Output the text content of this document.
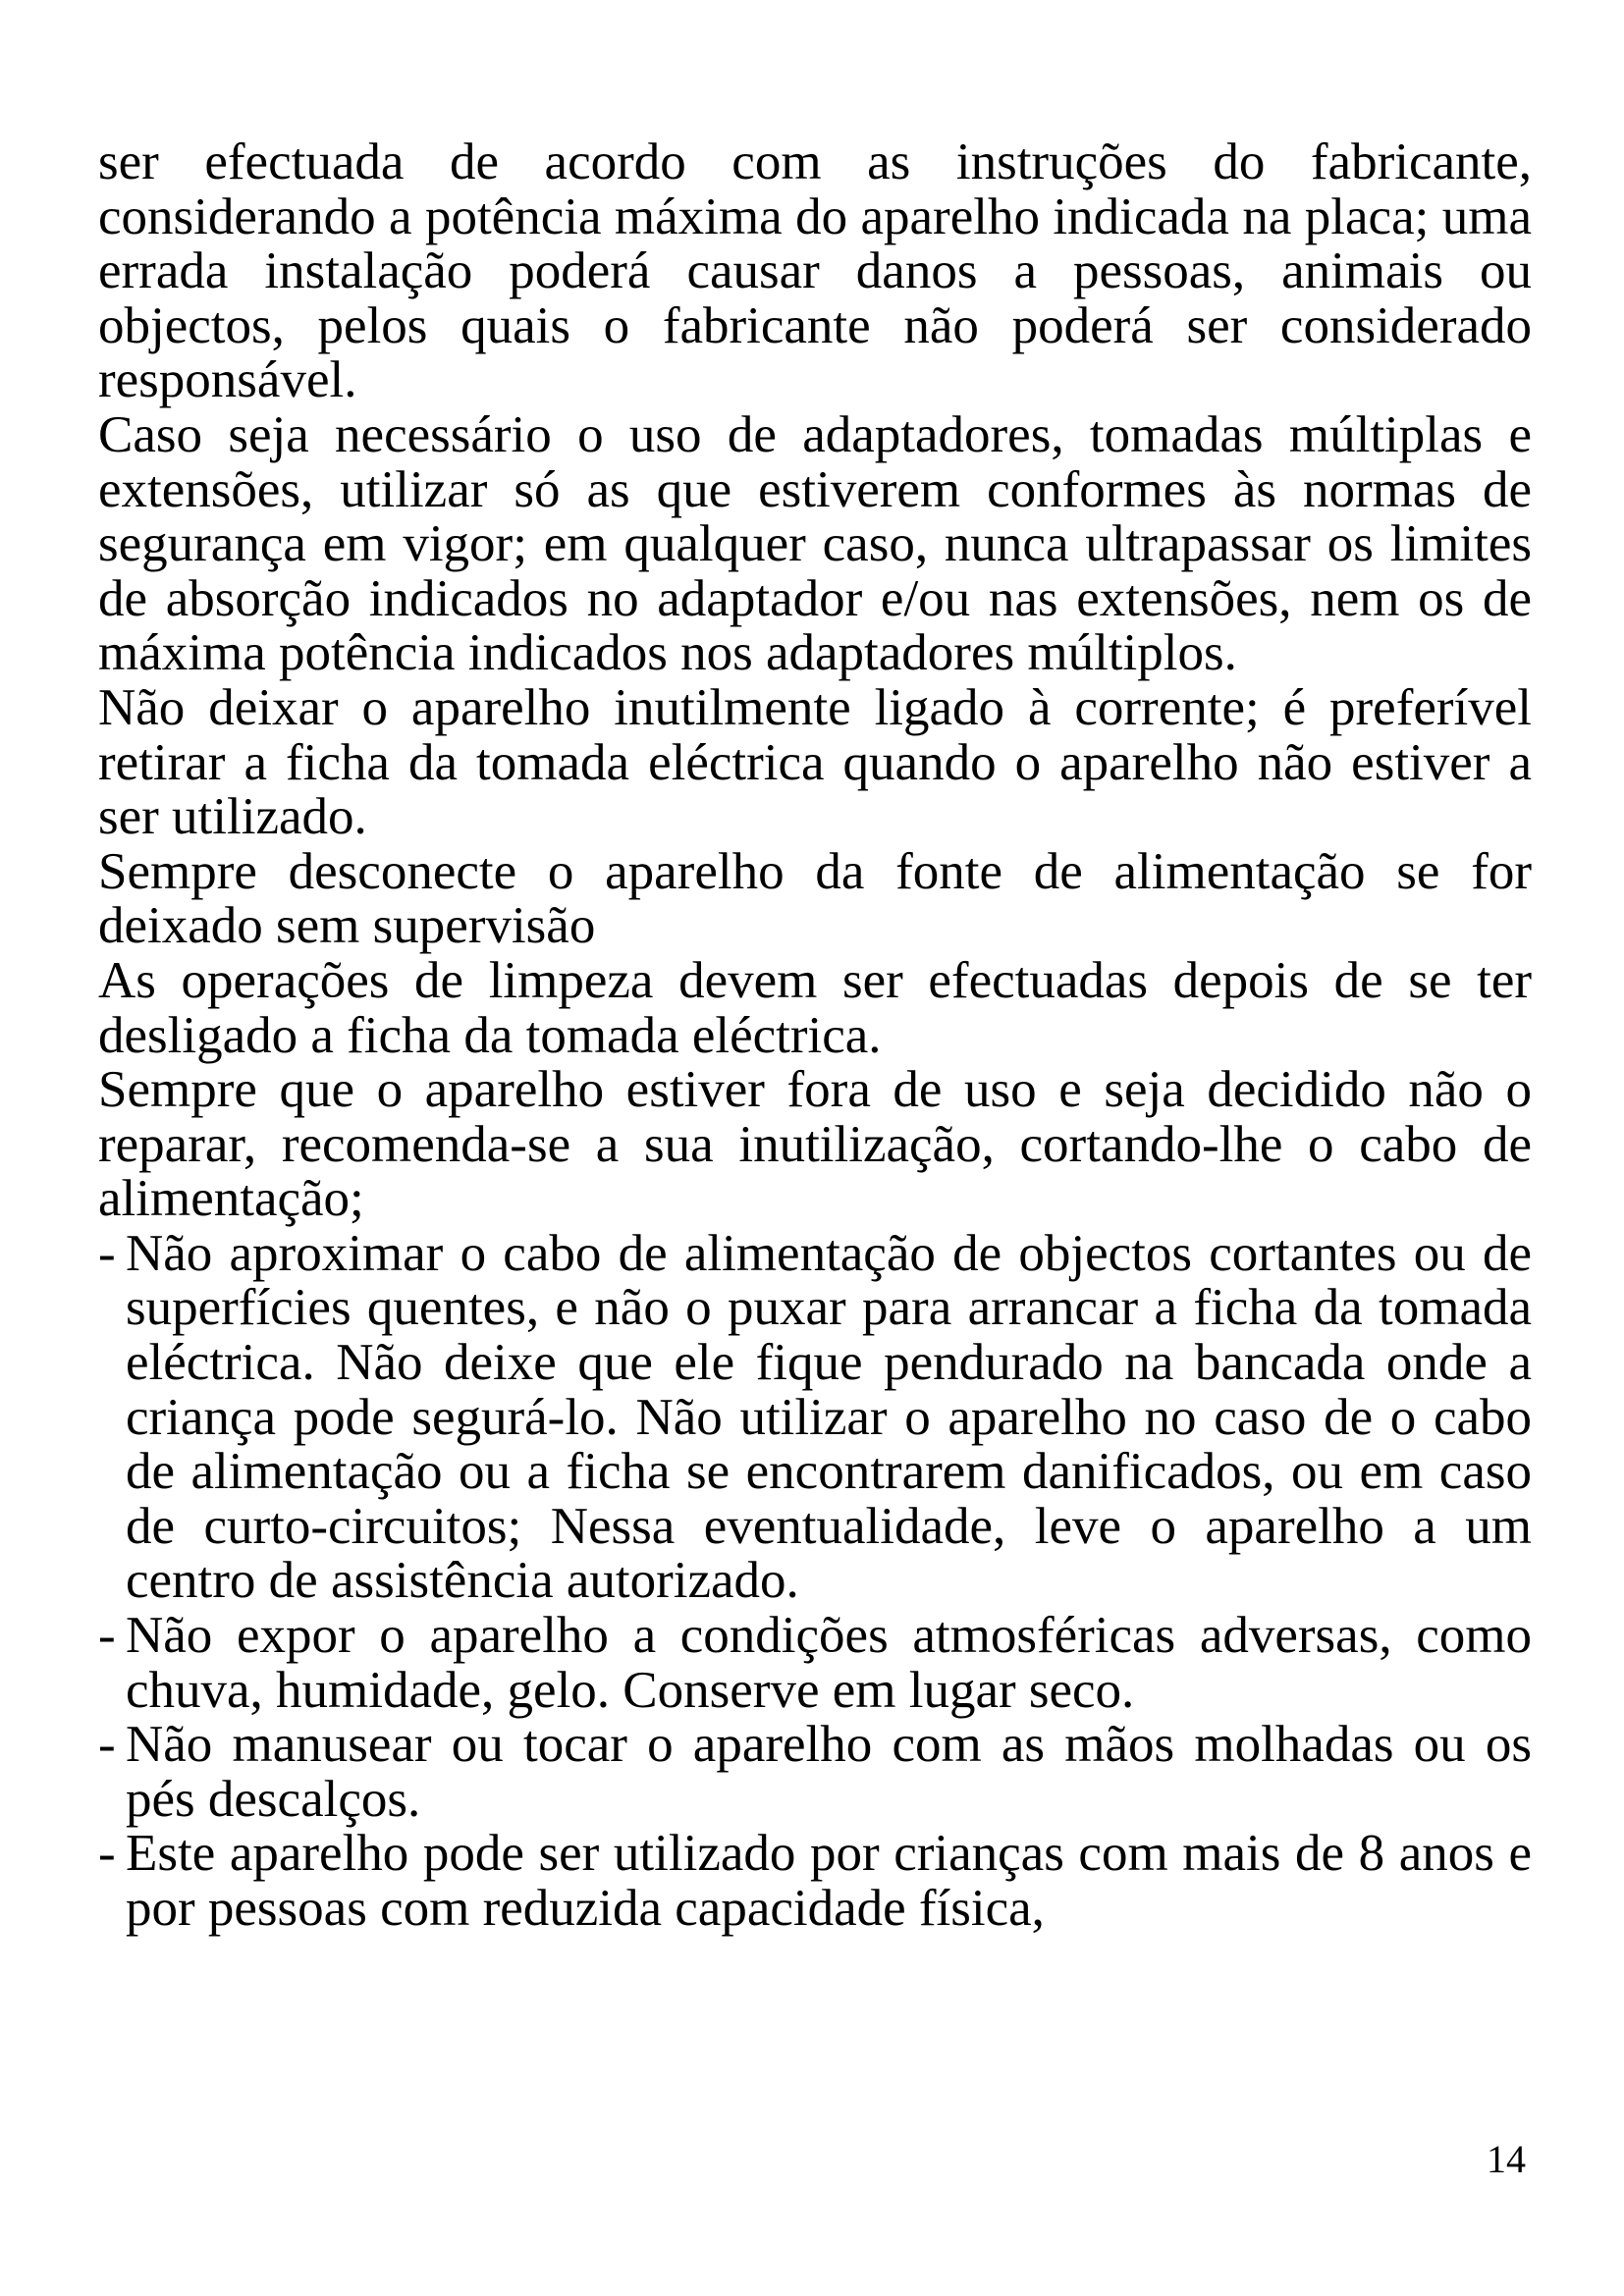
ser efectuada de acordo com as instruções do fabricante, considerando a potência máxima do aparelho indicada na placa; uma errada instalação poderá causar danos a pessoas, animais ou objectos, pelos quais o fabricante não poderá ser considerado responsável.

Caso seja necessário o uso de adaptadores, tomadas múltiplas e extensões, utilizar só as que estiverem conformes às normas de segurança em vigor; em qualquer caso, nunca ultrapassar os limites de absorção indicados no adaptador e/ou nas extensões, nem os de máxima potência indicados nos adaptadores múltiplos.

Não deixar o aparelho inutilmente ligado à corrente; é preferível retirar a ficha da tomada eléctrica quando o aparelho não estiver a ser utilizado.

Sempre desconecte o aparelho da fonte de alimentação se for deixado sem supervisão

As operações de limpeza devem ser efectuadas depois de se ter desligado a ficha da tomada eléctrica.

Sempre que o aparelho estiver fora de uso e seja decidido não o reparar, recomenda-se a sua inutilização, cortando-lhe o cabo de alimentação;

- Não aproximar o cabo de alimentação de objectos cortantes ou de superfícies quentes, e não o puxar para arrancar a ficha da tomada eléctrica. Não deixe que ele fique pendurado na bancada onde a criança pode segurá-lo. Não utilizar o aparelho no caso de o cabo de alimentação ou a ficha se encontrarem danificados, ou em caso de curto-circuitos; Nessa eventualidade, leve o aparelho a um centro de assistência autorizado.
- Não expor o aparelho a condições atmosféricas adversas, como chuva, humidade, gelo. Conserve em lugar seco.
- Não manusear ou tocar o aparelho com as mãos molhadas ou os pés descalços.
- Este aparelho pode ser utilizado por crianças com mais de 8 anos e por pessoas com reduzida capacidade física,
14
